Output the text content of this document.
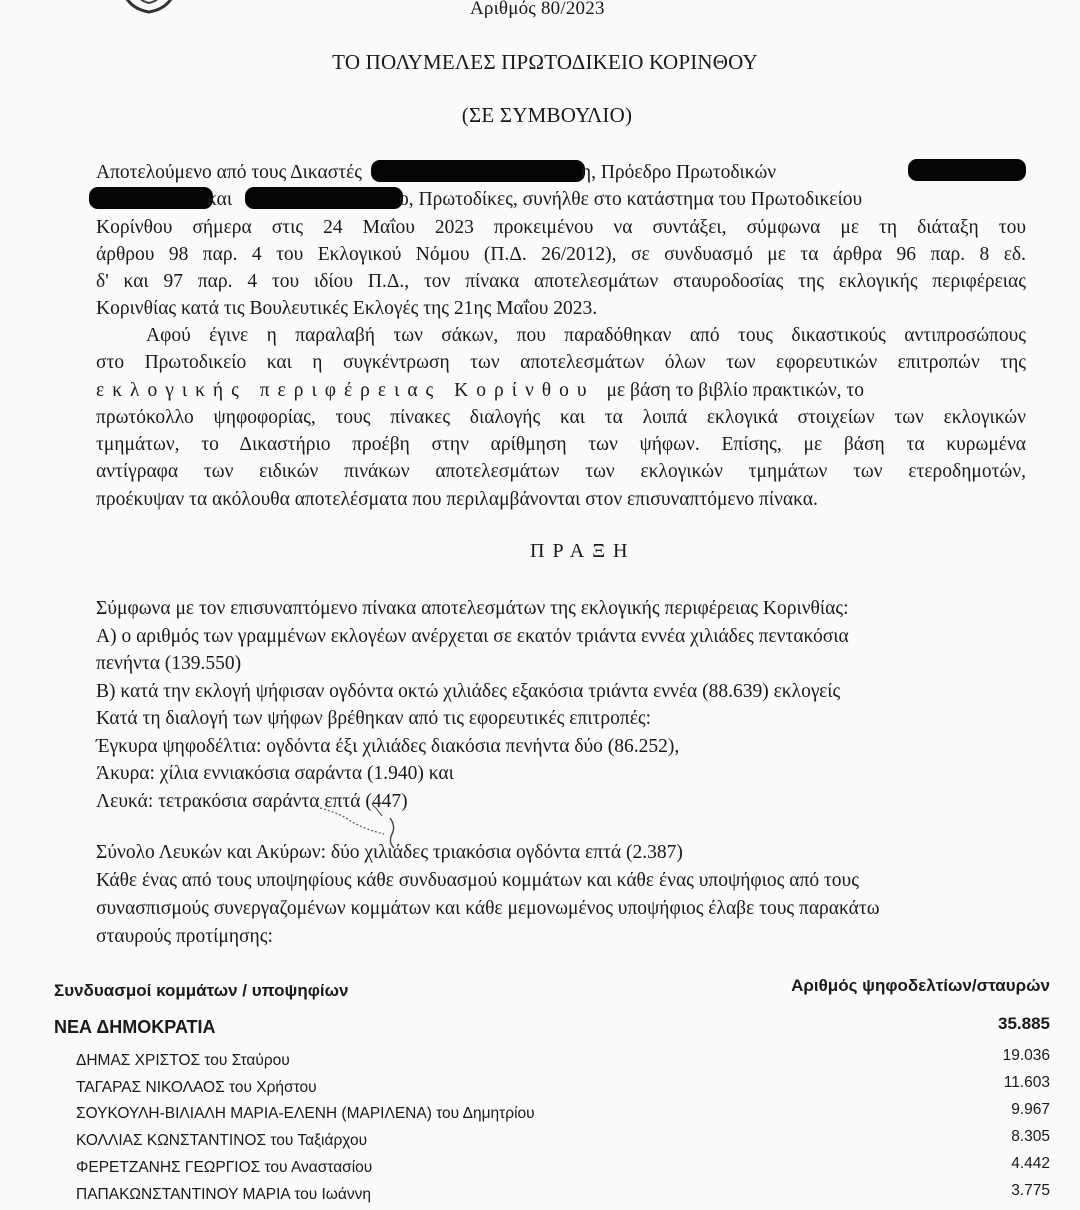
Αριθμός 80/2023
ΤΟ ΠΟΛΥΜΕΛΕΣ ΠΡΩΤΟΔΙΚΕΙΟ ΚΟΡΙΝΘΟΥ
(ΣΕ ΣΥΜΒΟΥΛΙΟ)
Αποτελούμενο από τους Δικαστές	η, Πρόεδρο Πρωτοδικών
και	ο, Πρωτοδίκες, συνήλθε στο κατάστημα του Πρωτοδικείου
Κορίνθου σήμερα στις 24 Μαΐου 2023 προκειμένου να συντάξει, σύμφωνα με τη διάταξη του
άρθρου 98 παρ. 4 του Εκλογικού Νόμου (Π.Δ. 26/2012), σε συνδυασμό με τα άρθρα 96 παρ. 8 εδ.
δ' και 97 παρ. 4 του ιδίου Π.Δ., τον πίνακα αποτελεσμάτων σταυροδοσίας της εκλογικής περιφέρειας
Κορινθίας κατά τις Βουλευτικές Εκλογές της 21ης Μαΐου 2023.
Αφού έγινε η παραλαβή των σάκων, που παραδόθηκαν από τους δικαστικούς αντιπροσώπους
στο Πρωτοδικείο και η συγκέντρωση των αποτελεσμάτων όλων των εφορευτικών επιτροπών της
εκλογικής περιφέρειας Κορίνθου με βάση το βιβλίο πρακτικών, το
πρωτόκολλο ψηφοφορίας, τους πίνακες διαλογής και τα λοιπά εκλογικά στοιχείων των εκλογικών
τμημάτων, το Δικαστήριο προέβη στην αρίθμηση των ψήφων. Επίσης, με βάση τα κυρωμένα
αντίγραφα των ειδικών πινάκων αποτελεσμάτων των εκλογικών τμημάτων των ετεροδημοτών,
προέκυψαν τα ακόλουθα αποτελέσματα που περιλαμβάνονται στον επισυναπτόμενο πίνακα.
ΠΡΑΞΗ
Σύμφωνα με τον επισυναπτόμενο πίνακα αποτελεσμάτων της εκλογικής περιφέρειας Κορινθίας:
Α) ο αριθμός των γραμμένων εκλογέων ανέρχεται σε εκατόν τριάντα εννέα χιλιάδες πεντακόσια
πενήντα (139.550)
Β) κατά την εκλογή ψήφισαν ογδόντα οκτώ χιλιάδες εξακόσια τριάντα εννέα (88.639) εκλογείς
Κατά τη διαλογή των ψήφων βρέθηκαν από τις εφορευτικές επιτροπές:
Έγκυρα ψηφοδέλτια: ογδόντα έξι χιλιάδες διακόσια πενήντα δύο (86.252),
Άκυρα: χίλια εννιακόσια σαράντα (1.940) και
Λευκά: τετρακόσια σαράντα επτά (447)
Σύνολο Λευκών και Ακύρων: δύο χιλιάδες τριακόσια ογδόντα επτά (2.387)
Κάθε ένας από τους υποψηφίους κάθε συνδυασμού κομμάτων και κάθε ένας υποψήφιος από τους
συνασπισμούς συνεργαζομένων κομμάτων και κάθε μεμονωμένος υποψήφιος έλαβε τους παρακάτω
σταυρούς προτίμησης:
Συνδυασμοί κομμάτων / υποψηφίων	Αριθμός ψηφοδελτίων/σταυρών
ΝΕΑ ΔΗΜΟΚΡΑΤΙΑ	35.885
ΔΗΜΑΣ ΧΡΙΣΤΟΣ του Σταύρου	19.036
ΤΑΓΑΡΑΣ ΝΙΚΟΛΑΟΣ του Χρήστου	11.603
ΣΟΥΚΟΥΛΗ-ΒΙΛΙΑΛΗ ΜΑΡΙΑ-ΕΛΕΝΗ (ΜΑΡΙΛΕΝΑ) του Δημητρίου	9.967
ΚΟΛΛΙΑΣ ΚΩΝΣΤΑΝΤΙΝΟΣ του Ταξιάρχου	8.305
ΦΕΡΕΤΖΑΝΗΣ ΓΕΩΡΓΙΟΣ του Αναστασίου	4.442
ΠΑΠΑΚΩΝΣΤΑΝΤΙΝΟΥ ΜΑΡΙΑ του Ιωάννη	3.775
